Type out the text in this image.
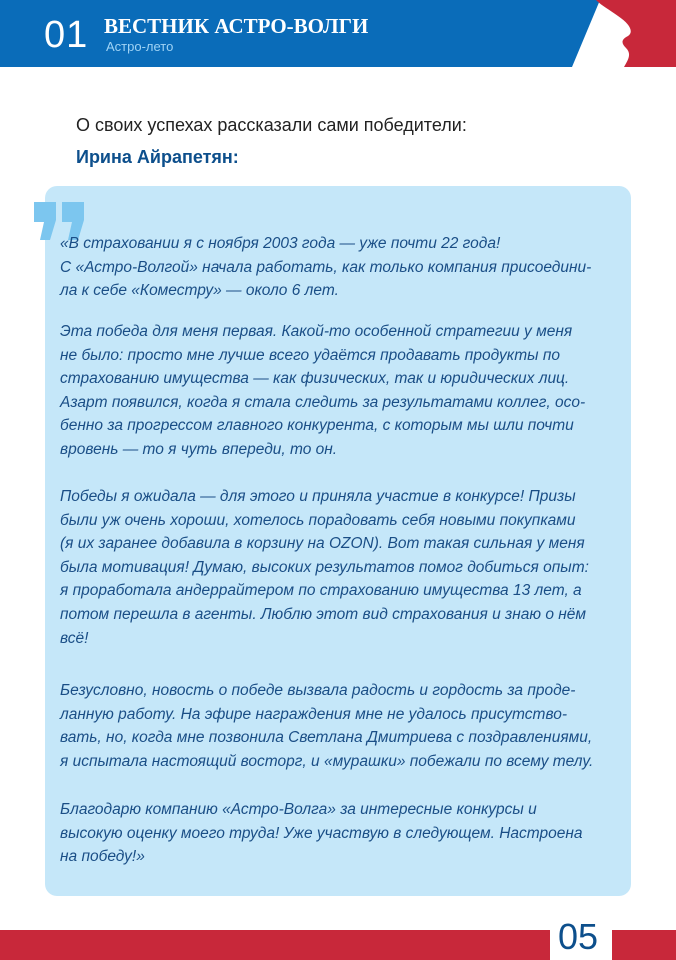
01 ВЕСТНИК АСТРО-ВОЛГИ
Астро-лето
О своих успехах рассказали сами победители:
Ирина Айрапетян:
«В страховании я с ноября 2003 года — уже почти 22 года!
С «Астро-Волгой» начала работать, как только компания присоедини-
ла к себе «Коместру» — около 6 лет.
Эта победа для меня первая. Какой-то особенной стратегии у меня
не было: просто мне лучше всего удаётся продавать продукты по
страхованию имущества — как физических, так и юридических лиц.
Азарт появился, когда я стала следить за результатами коллег, осо-
бенно за прогрессом главного конкурента, с которым мы шли почти
вровень — то я чуть впереди, то он.
Победы я ожидала — для этого и приняла участие в конкурсе! Призы
были уж очень хороши, хотелось порадовать себя новыми покупками
(я их заранее добавила в корзину на OZON). Вот такая сильная у меня
была мотивация! Думаю, высоких результатов помог добиться опыт:
я проработала андеррайтером по страхованию имущества 13 лет, а
потом перешла в агенты. Люблю этот вид страхования и знаю о нём
всё!
Безусловно, новость о победе вызвала радость и гордость за проде-
ланную работу. На эфире награждения мне не удалось присутство-
вать, но, когда мне позвонила Светлана Дмитриева с поздравлениями,
я испытала настоящий восторг, и «мурашки» побежали по всему телу.
Благодарю компанию «Астро-Волга» за интересные конкурсы и
высокую оценку моего труда! Уже участвую в следующем. Настроена
на победу!»
05
